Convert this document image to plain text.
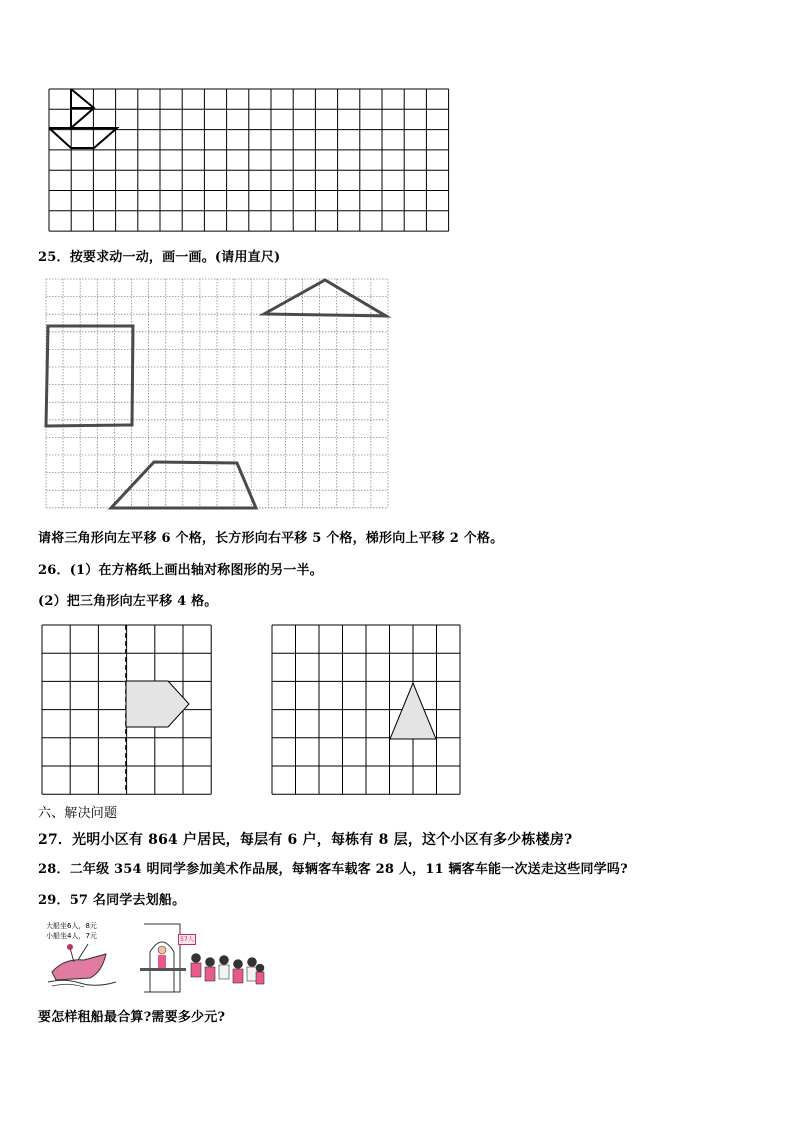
25．按要求动一动，画一画。(请用直尺)
请将三角形向左平移 6 个格，长方形向右平移 5 个格，梯形向上平移 2 个格。
26．(1）在方格纸上画出轴对称图形的另一半。
(2）把三角形向左平移 4 格。
六、解决问题
27．光明小区有 864 户居民，每层有 6 户，每栋有 8 层，这个小区有多少栋楼房?
28．二年级 354 明同学参加美术作品展，每辆客车载客 28 人，11 辆客车能一次送走这些同学吗?
29．57 名同学去划船。
大船坐6人，8元
小船坐4人，7元	57人
要怎样租船最合算?需要多少元?
